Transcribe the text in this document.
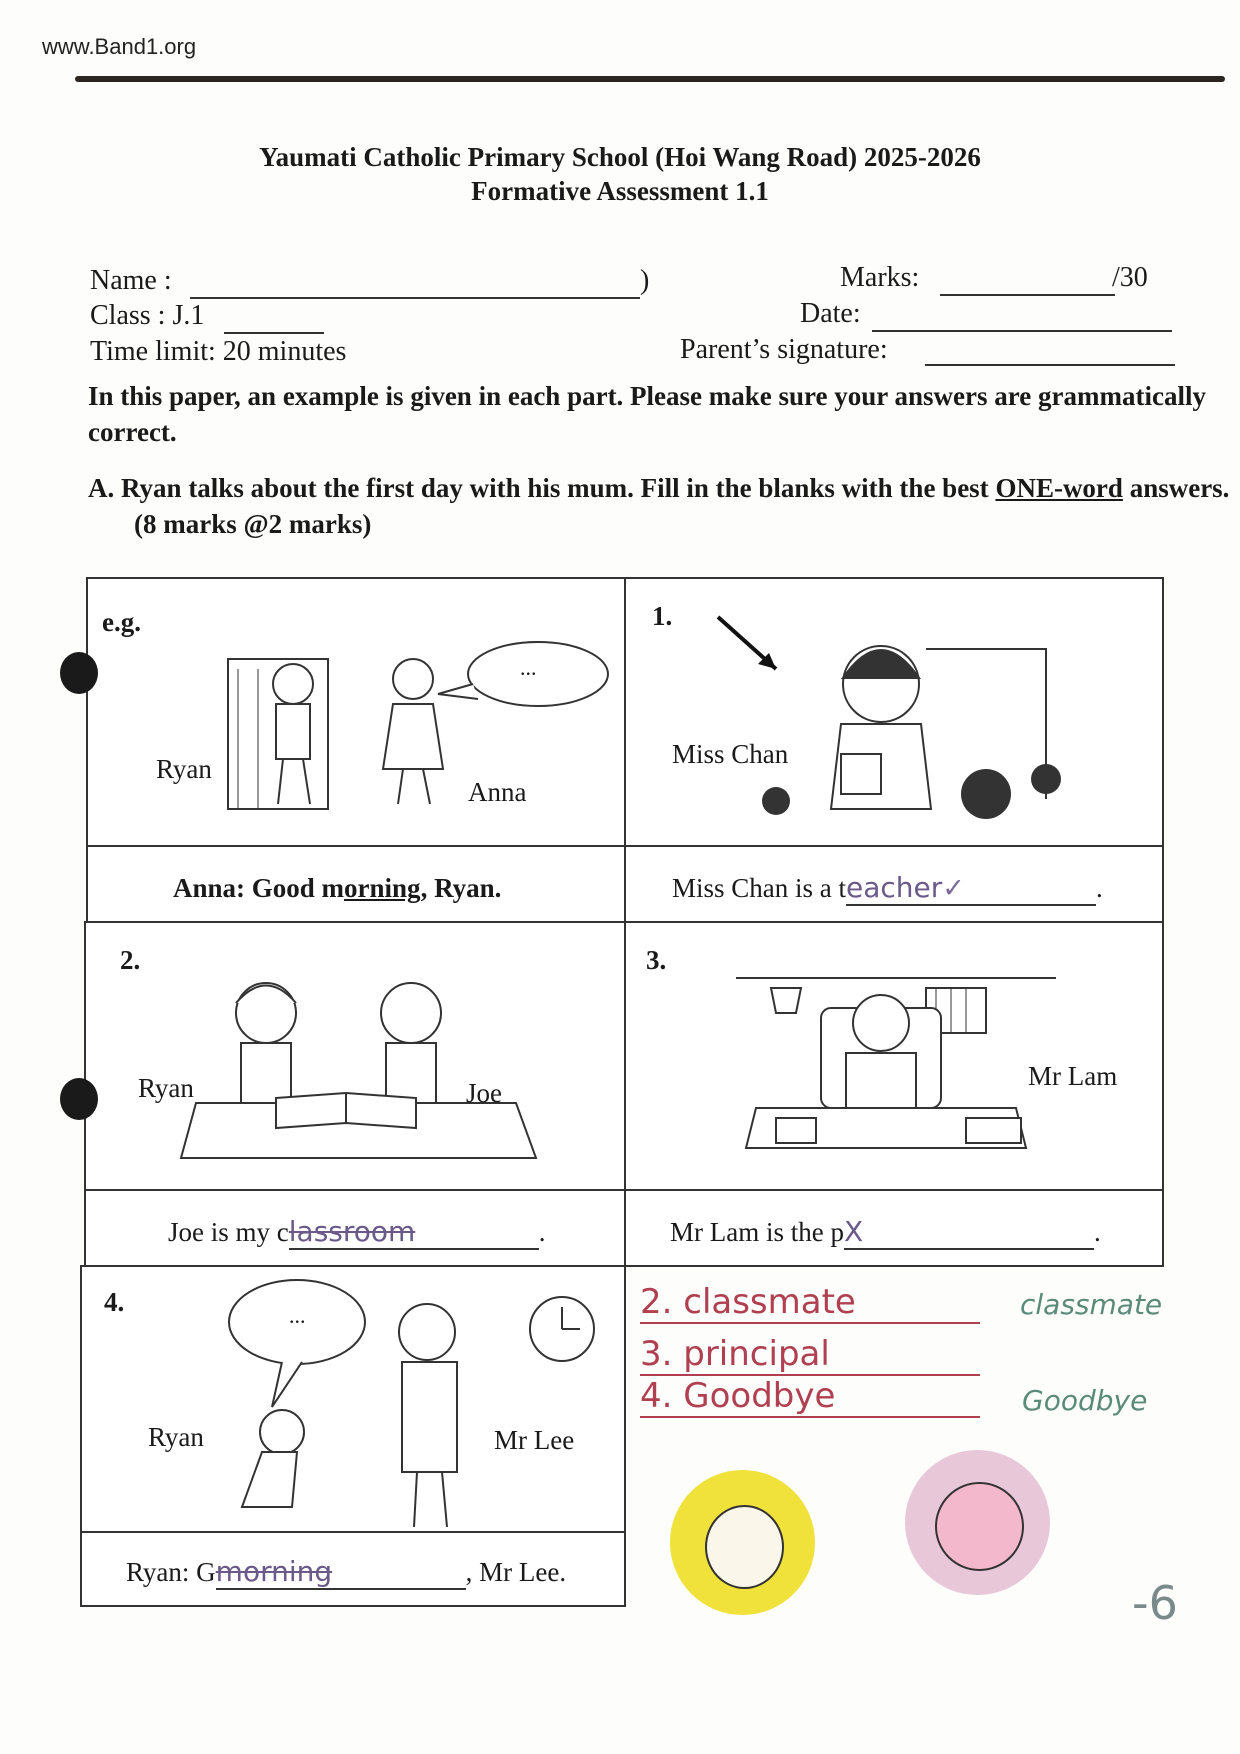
www.Band1.org
Yaumati Catholic Primary School (Hoi Wang Road) 2025-2026
Formative Assessment 1.1
Name :	)	Marks:	/30
Class : J.1	Date:
Time limit: 20 minutes	Parent’s signature:
In this paper, an example is given in each part. Please make sure your answers are grammatically correct.
A. Ryan talks about the first day with his mum. Fill in the blanks with the best ONE-word answers. (8 marks @2 marks)
e.g.
...
Ryan
Anna
1.
Miss Chan
Anna: Good morning, Ryan.	Miss Chan is a teacher✓	.
2.
Ryan	Joe
3.
Mr Lam
Joe is my classroom	.	Mr Lam is the pX	.
4.	...
Ryan	Mr Lee
Ryan: Gmorning	, Mr Lee.
2. classmate
3. principal
4. Goodbye
classmate
Goodbye
-6
